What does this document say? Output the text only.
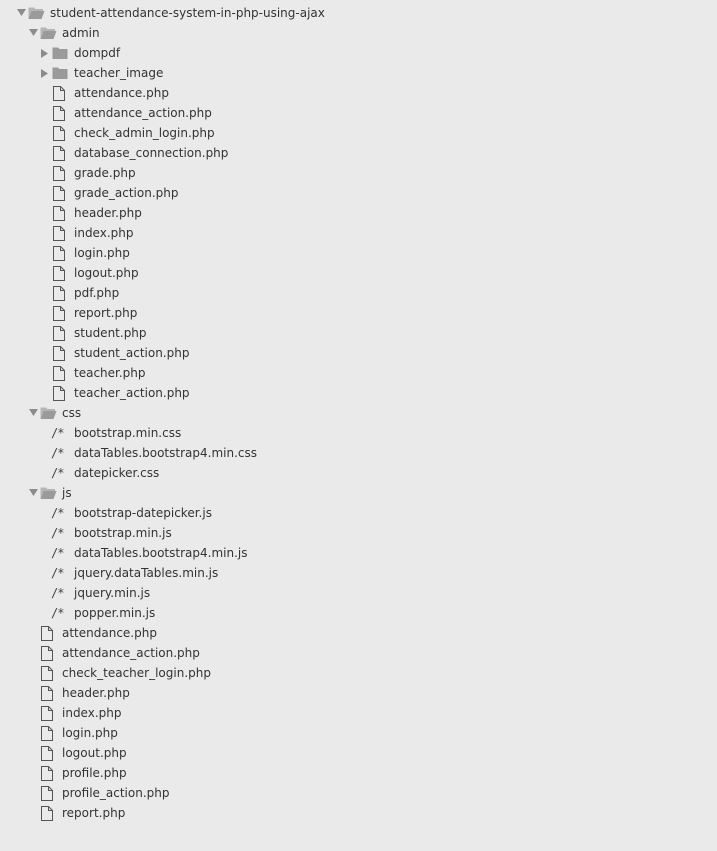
student-attendance-system-in-php-using-ajax
admin
dompdf
teacher_image
attendance.php
attendance_action.php
check_admin_login.php
database_connection.php
grade.php
grade_action.php
header.php
index.php
login.php
logout.php
pdf.php
report.php
student.php
student_action.php
teacher.php
teacher_action.php
css
/* bootstrap.min.css
/* dataTables.bootstrap4.min.css
/* datepicker.css
js
/* bootstrap-datepicker.js
/* bootstrap.min.js
/* dataTables.bootstrap4.min.js
/* jquery.dataTables.min.js
/* jquery.min.js
/* popper.min.js
attendance.php
attendance_action.php
check_teacher_login.php
header.php
index.php
login.php
logout.php
profile.php
profile_action.php
report.php
